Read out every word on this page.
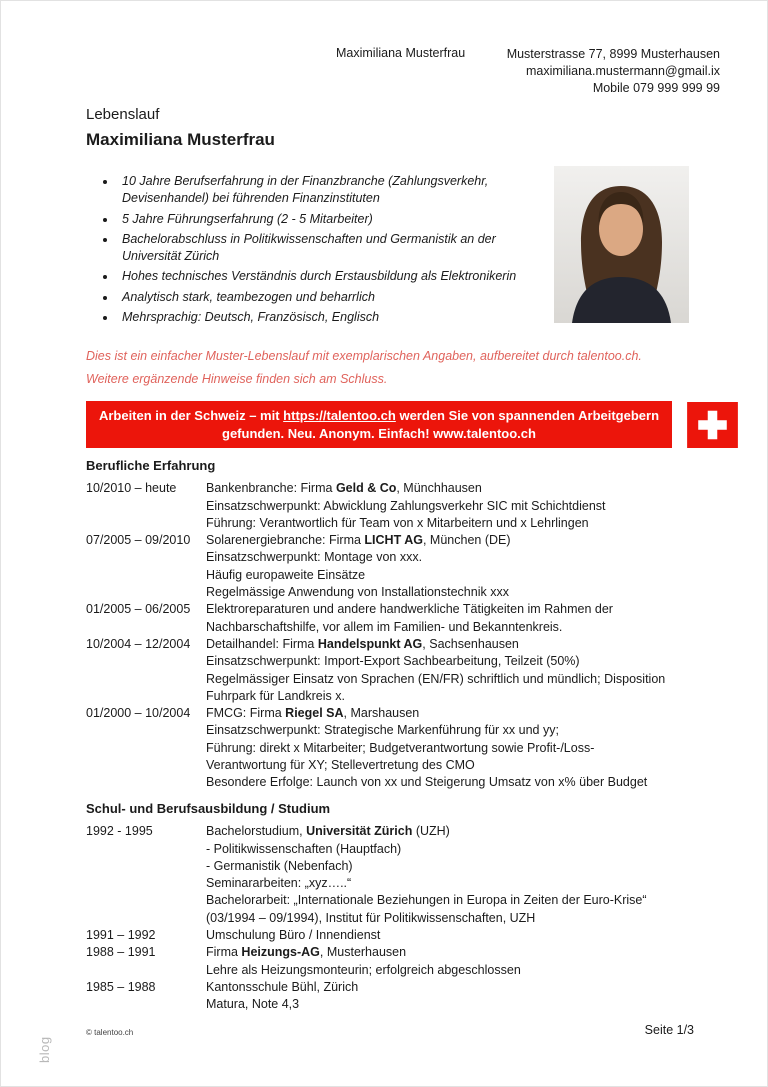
Maximiliana Musterfrau	Musterstrasse 77, 8999 Musterhausen
maximiliana.mustermann@gmail.ix
Mobile 079 999 999 99
Lebenslauf
Maximiliana Musterfrau
• 10 Jahre Berufserfahrung in der Finanzbranche (Zahlungsverkehr, Devisenhandel) bei führenden Finanzinstituten
• 5 Jahre Führungserfahrung (2 - 5 Mitarbeiter)
• Bachelorabschluss in Politikwissenschaften und Germanistik an der Universität Zürich
• Hohes technisches Verständnis durch Erstausbildung als Elektronikerin
• Analytisch stark, teambezogen und beharrlich
• Mehrsprachig: Deutsch, Französisch, Englisch
Dies ist ein einfacher Muster-Lebenslauf mit exemplarischen Angaben, aufbereitet durch talentoo.ch. Weitere ergänzende Hinweise finden sich am Schluss.
Arbeiten in der Schweiz – mit https://talentoo.ch werden Sie von spannenden Arbeitgebern gefunden. Neu. Anonym. Einfach! www.talentoo.ch
Berufliche Erfahrung
10/2010 – heute	Bankenbranche: Firma Geld & Co, Münchhausen
Einsatzschwerpunkt: Abwicklung Zahlungsverkehr SIC mit Schichtdienst
Führung: Verantwortlich für Team von x Mitarbeitern und x Lehrlingen
07/2005 – 09/2010	Solarenergiebranche: Firma LICHT AG, München (DE)
Einsatzschwerpunkt: Montage von xxx.
Häufig europaweite Einsätze
Regelmässige Anwendung von Installationstechnik xxx
01/2005 – 06/2005	Elektroreparaturen und andere handwerkliche Tätigkeiten im Rahmen der
Nachbarschaftshilfe, vor allem im Familien- und Bekanntenkreis.
10/2004 – 12/2004	Detailhandel: Firma Handelspunkt AG, Sachsenhausen
Einsatzschwerpunkt: Import-Export Sachbearbeitung, Teilzeit (50%)
Regelmässiger Einsatz von Sprachen (EN/FR) schriftlich und mündlich; Disposition
Fuhrpark für Landkreis x.
01/2000 – 10/2004	FMCG: Firma Riegel SA, Marshausen
Einsatzschwerpunkt: Strategische Markenführung für xx und yy;
Führung: direkt x Mitarbeiter; Budgetverantwortung sowie Profit-/Loss-
Verantwortung für XY; Stellevertretung des CMO
Besondere Erfolge: Launch von xx und Steigerung Umsatz von x% über Budget
Schul- und Berufsausbildung / Studium
1992 - 1995	Bachelorstudium, Universität Zürich (UZH)
- Politikwissenschaften (Hauptfach)
- Germanistik (Nebenfach)
Seminararbeiten: „xyz…..“
Bachelorarbeit: „Internationale Beziehungen in Europa in Zeiten der Euro-Krise“
(03/1994 – 09/1994), Institut für Politikwissenschaften, UZH
1991 – 1992	Umschulung Büro / Innendienst
1988 – 1991	Firma Heizungs-AG, Musterhausen
Lehre als Heizungsmonteurin; erfolgreich abgeschlossen
1985 – 1988	Kantonsschule Bühl, Zürich
Matura, Note 4,3
© talentoo.ch	Seite 1/3
blog
